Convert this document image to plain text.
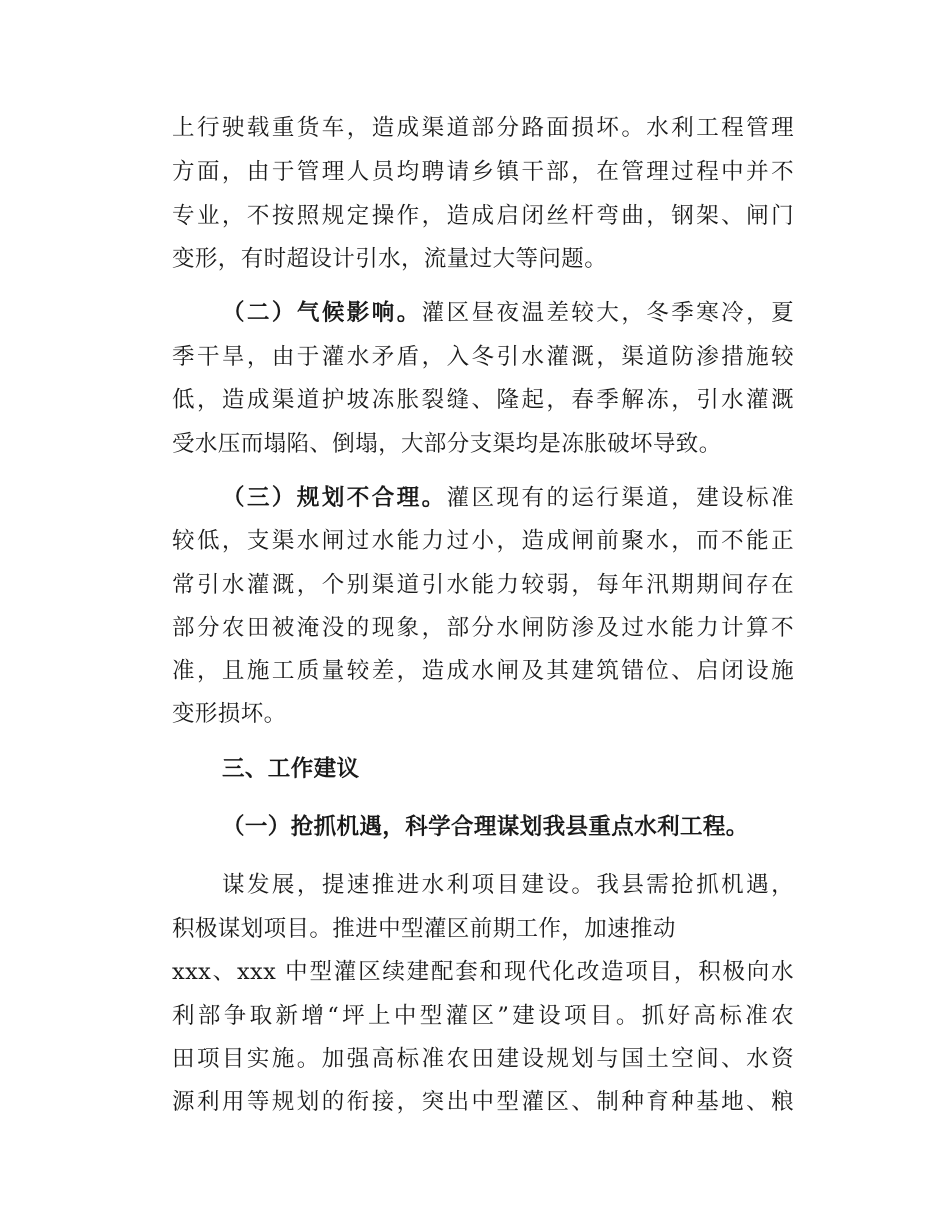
上行驶载重货车，造成渠道部分路面损坏。水利工程管理
方面，由于管理人员均聘请乡镇干部，在管理过程中并不
专业，不按照规定操作，造成启闭丝杆弯曲，钢架、闸门
变形，有时超设计引水，流量过大等问题。
（二）气候影响。灌区昼夜温差较大，冬季寒冷，夏
季干旱，由于灌水矛盾，入冬引水灌溉，渠道防渗措施较
低，造成渠道护坡冻胀裂缝、隆起，春季解冻，引水灌溉
受水压而塌陷、倒塌，大部分支渠均是冻胀破坏导致。
（三）规划不合理。灌区现有的运行渠道，建设标准
较低，支渠水闸过水能力过小，造成闸前聚水，而不能正
常引水灌溉，个别渠道引水能力较弱，每年汛期期间存在
部分农田被淹没的现象，部分水闸防渗及过水能力计算不
准，且施工质量较差，造成水闸及其建筑错位、启闭设施
变形损坏。
三、工作建议
（一）抢抓机遇，科学合理谋划我县重点水利工程。
谋发展，提速推进水利项目建设。我县需抢抓机遇，
积极谋划项目。推进中型灌区前期工作，加速推动
xxx、xxx 中型灌区续建配套和现代化改造项目，积极向水
利部争取新增“坪上中型灌区”建设项目。抓好高标准农
田项目实施。加强高标准农田建设规划与国土空间、水资
源利用等规划的衔接，突出中型灌区、制种育种基地、粮
